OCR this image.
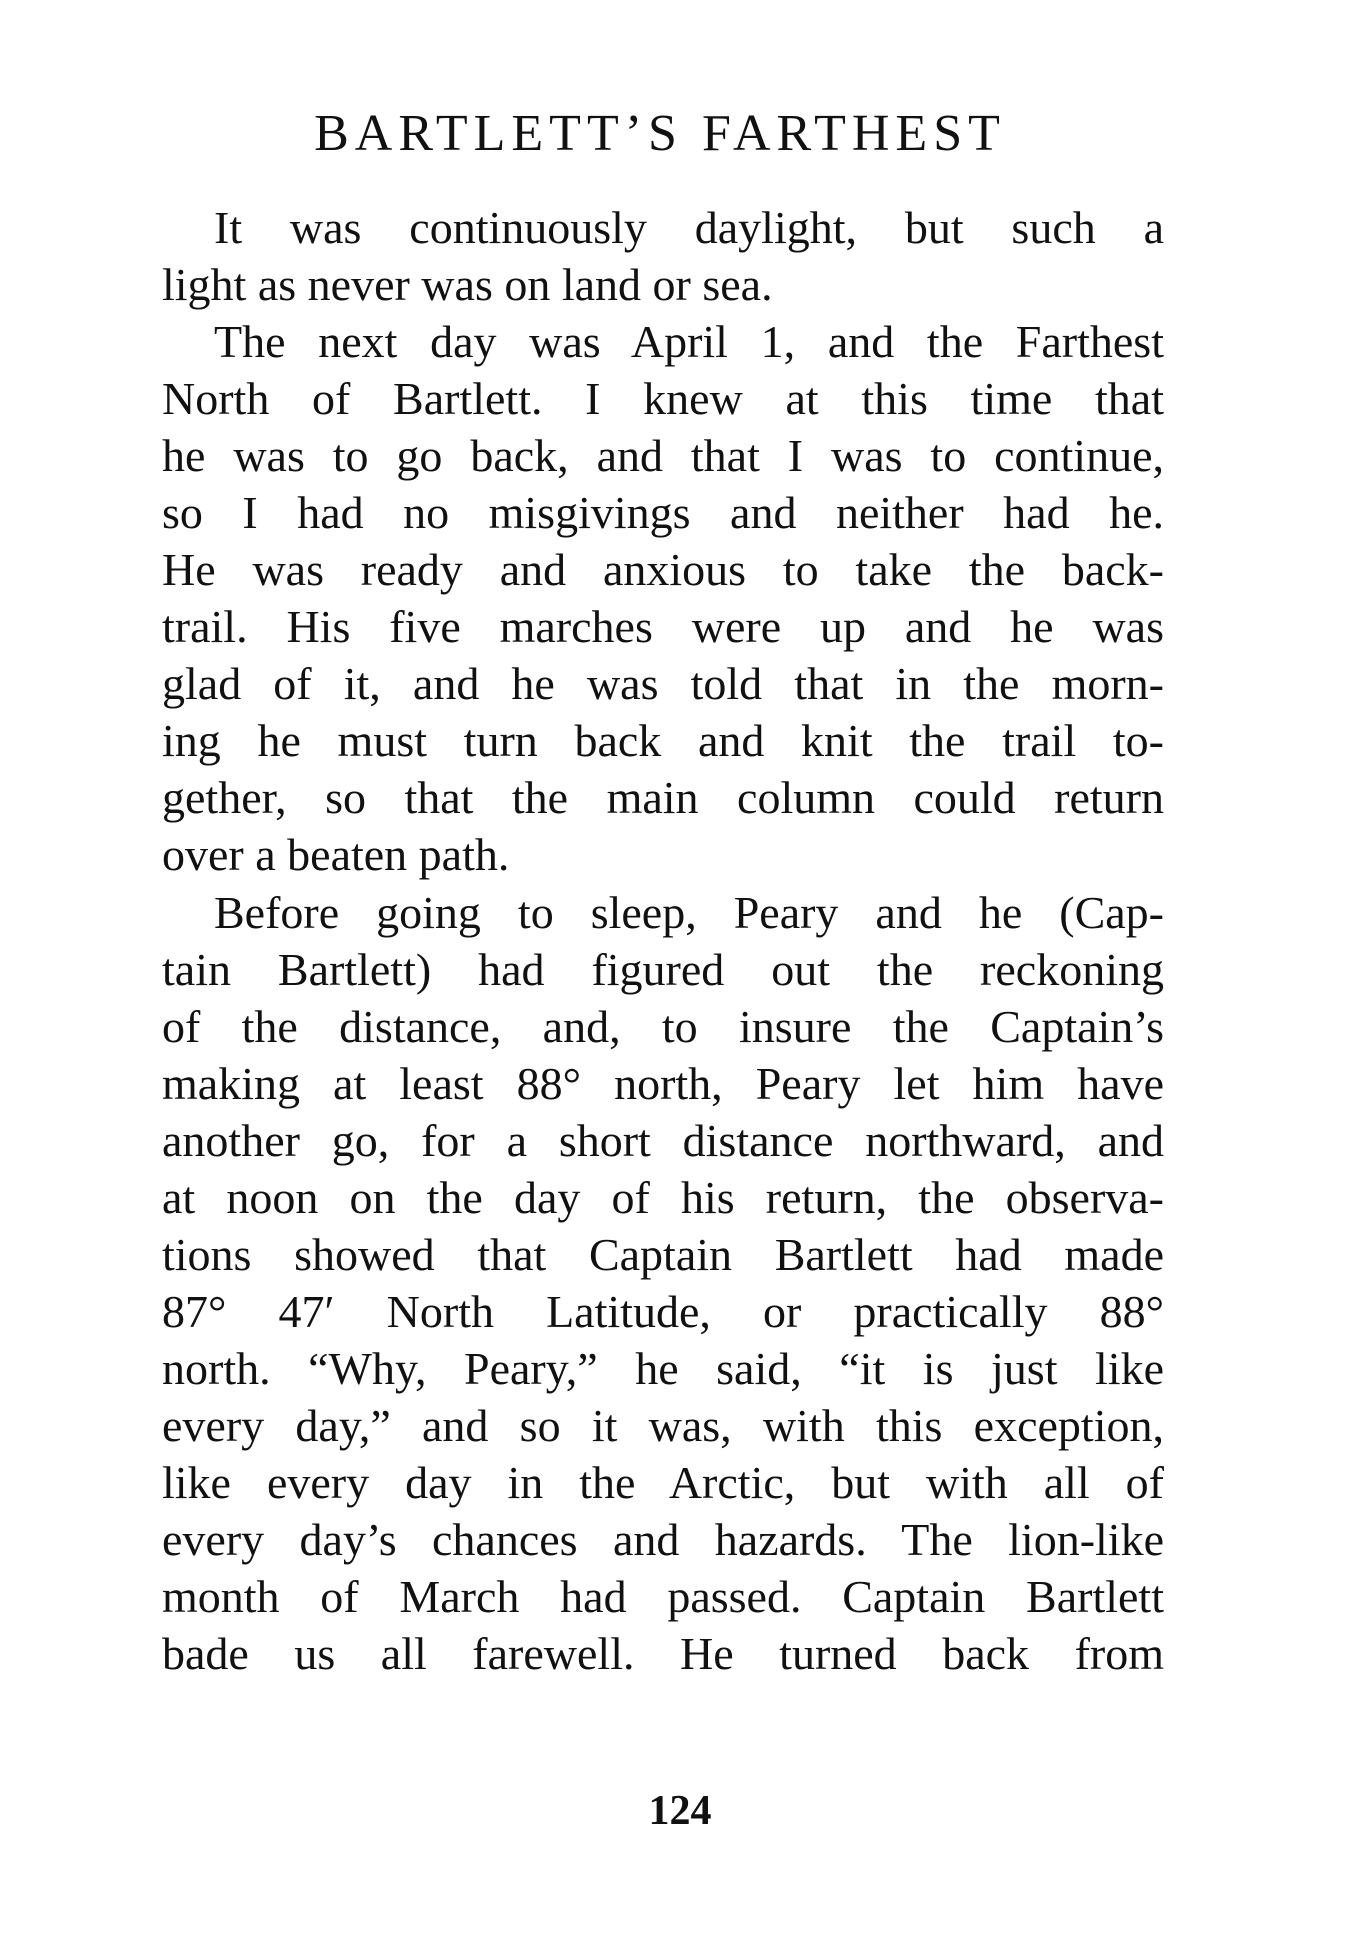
BARTLETT’S FARTHEST
It was continuously daylight, but such a
light as never was on land or sea.
The next day was April 1, and the Farthest
North of Bartlett. I knew at this time that
he was to go back, and that I was to continue,
so I had no misgivings and neither had he.
He was ready and anxious to take the back-
trail. His five marches were up and he was
glad of it, and he was told that in the morn-
ing he must turn back and knit the trail to-
gether, so that the main column could return
over a beaten path.
Before going to sleep, Peary and he (Cap-
tain Bartlett) had figured out the reckoning
of the distance, and, to insure the Captain’s
making at least 88° north, Peary let him have
another go, for a short distance northward, and
at noon on the day of his return, the observa-
tions showed that Captain Bartlett had made
87° 47′ North Latitude, or practically 88°
north. “Why, Peary,” he said, “it is just like
every day,” and so it was, with this exception,
like every day in the Arctic, but with all of
every day’s chances and hazards. The lion-like
month of March had passed. Captain Bartlett
bade us all farewell. He turned back from
124
